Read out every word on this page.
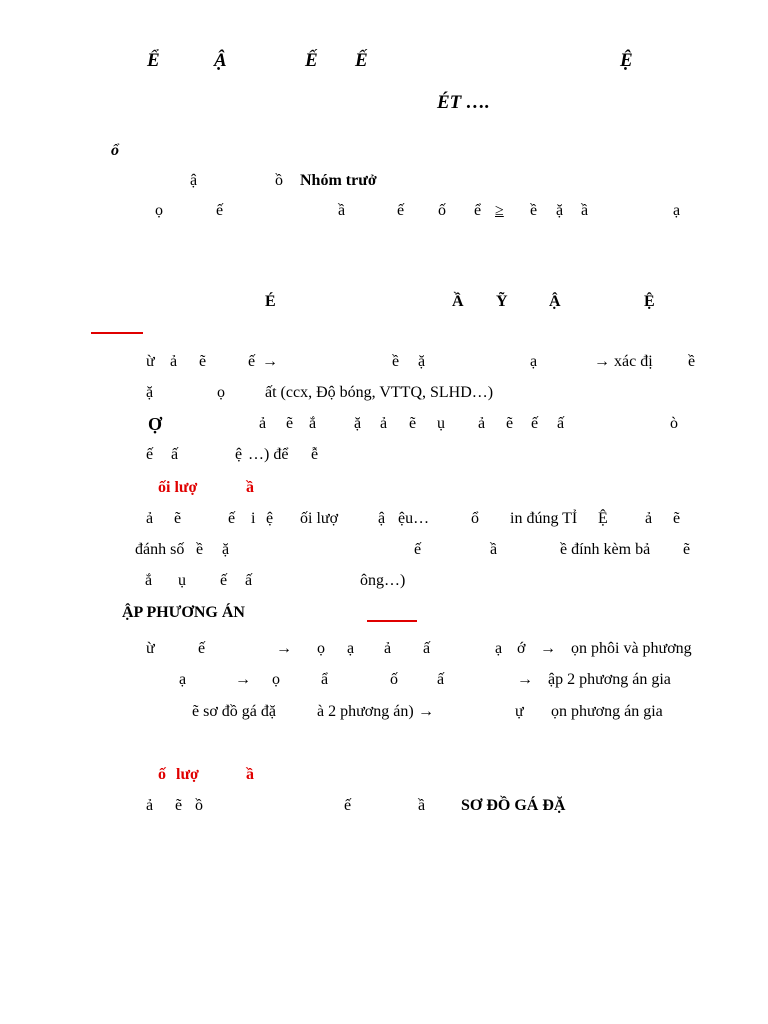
Ể	Ậ	Ế Ế	Ệ
ÉT ….
ổ
ậ	ồ Nhóm trưở
ọ	ế	ầ	ế ố ể ≥ ề ặ ầ	ạ
É	Ầ Ỹ	Ậ	Ệ
ừ ả ẽ	ế →	ề ặ	ạ	→ xác đị ề
ặ	ọ	ất (ccx, Độ bóng, VTTQ, SLHD…)
Ợ	ả ẽ ắ ặ ả ẽ ụ ả ẽ ế ấ	ò
ế ấ	ệ …) để ễ
ối lượ	ầ
ả ẽ	ế i ệ ối lượ ậ ệu…	ổ in đúng TỈ Ệ ả ẽ
đánh số ề ặ	ế	ầ	ề đính kèm bả ẽ
ắ ụ ế ấ	ông…)
ẬP PHƯƠNG ÁN
ừ	ế	→ ọ ạ ả ấ	ạ ớ → ọn phôi và phương
ạ	→ ọ	ẩ	ố ấ	→ ập 2 phương án gia
ẽ sơ đồ gá đặ	à 2 phương án) →	ự ọn phương án gia
ố lượ	ầ
ả ẽ ồ	ế	ầ SƠ ĐỒ GÁ ĐẶ
